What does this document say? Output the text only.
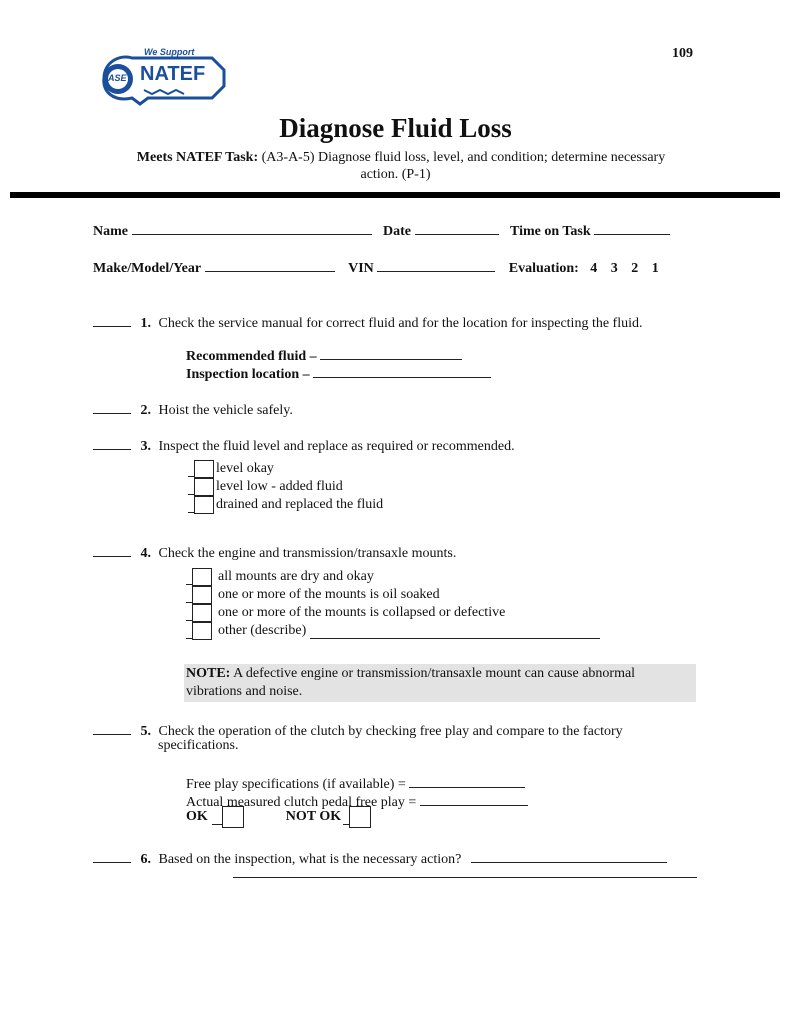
109
We Support
ASE NATEF
Diagnose Fluid Loss
Meets NATEF Task: (A3-A-5) Diagnose fluid loss, level, and condition; determine necessary
action. (P-1)
Name	Date	Time on Task
Make/Model/Year	VIN	Evaluation: 4 3 2 1
1. Check the service manual for correct fluid and for the location for inspecting the fluid.
Recommended fluid –
Inspection location –
2. Hoist the vehicle safely.
3. Inspect the fluid level and replace as required or recommended.
level okay
level low - added fluid
drained and replaced the fluid
4. Check the engine and transmission/transaxle mounts.
all mounts are dry and okay
one or more of the mounts is oil soaked
one or more of the mounts is collapsed or defective
other (describe)
NOTE: A defective engine or transmission/transaxle mount can cause abnormal
vibrations and noise.
5. Check the operation of the clutch by checking free play and compare to the factory
specifications.
Free play specifications (if available) =
Actual measured clutch pedal free play =
OK	NOT OK
6. Based on the inspection, what is the necessary action?
